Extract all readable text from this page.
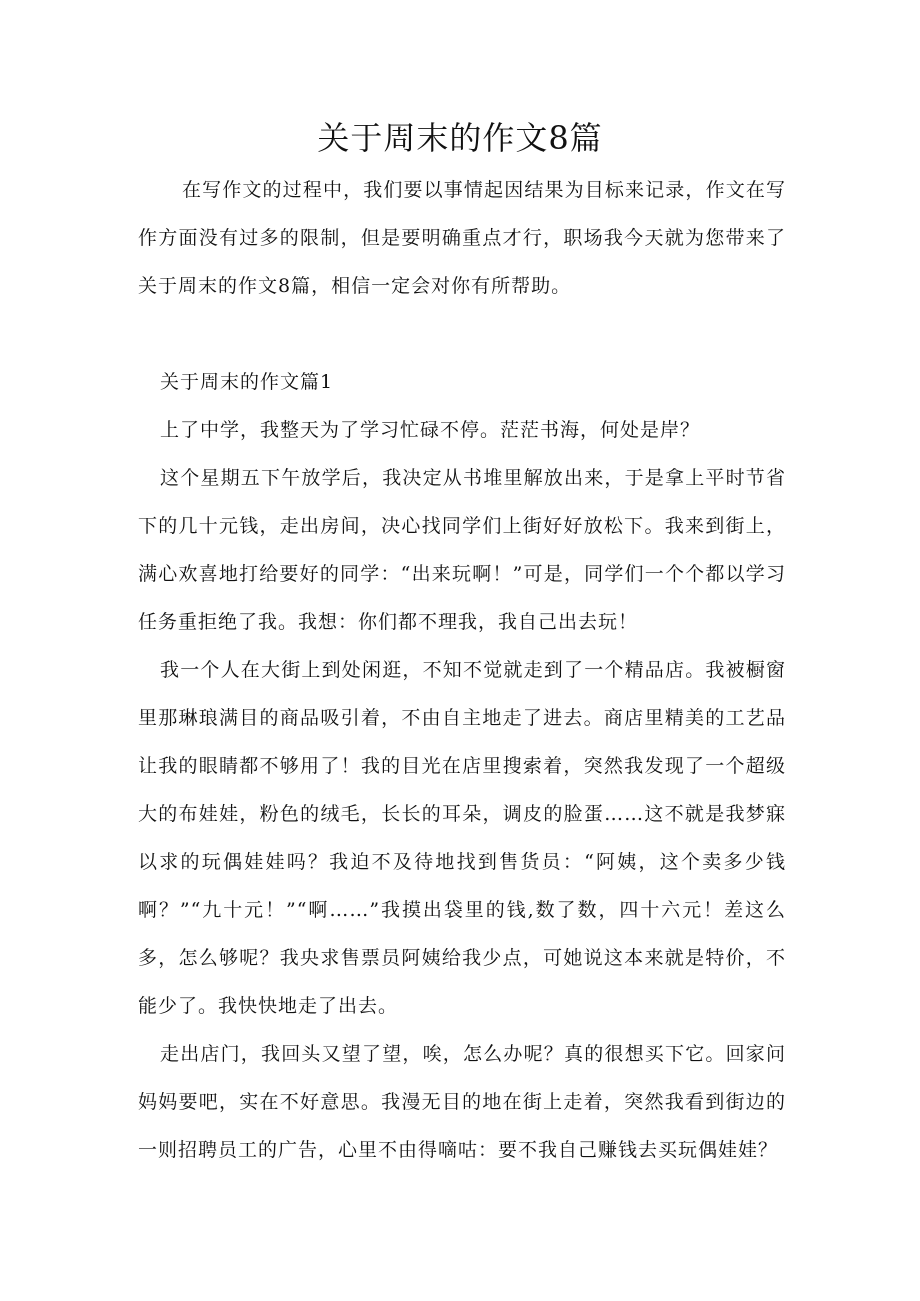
关于周末的作文8篇

在写作文的过程中，我们要以事情起因结果为目标来记录，作文在写作方面没有过多的限制，但是要明确重点才行，职场我今天就为您带来了关于周末的作文8篇，相信一定会对你有所帮助。

关于周末的作文篇1

上了中学，我整天为了学习忙碌不停。茫茫书海，何处是岸？

这个星期五下午放学后，我决定从书堆里解放出来，于是拿上平时节省下的几十元钱，走出房间，决心找同学们上街好好放松下。我来到街上，满心欢喜地打给要好的同学：“出来玩啊！”可是，同学们一个个都以学习任务重拒绝了我。我想：你们都不理我，我自己出去玩！

我一个人在大街上到处闲逛，不知不觉就走到了一个精品店。我被橱窗里那琳琅满目的商品吸引着，不由自主地走了进去。商店里精美的工艺品让我的眼睛都不够用了！我的目光在店里搜索着，突然我发现了一个超级大的布娃娃，粉色的绒毛，长长的耳朵，调皮的脸蛋……这不就是我梦寐以求的玩偶娃娃吗？我迫不及待地找到售货员：“阿姨，这个卖多少钱啊？”“九十元！”“啊……”我摸出袋里的钱,数了数，四十六元！差这么多，怎么够呢？我央求售票员阿姨给我少点，可她说这本来就是特价，不能少了。我快快地走了出去。

走出店门，我回头又望了望，唉，怎么办呢？真的很想买下它。回家问妈妈要吧，实在不好意思。我漫无目的地在街上走着，突然我看到街边的一则招聘员工的广告，心里不由得嘀咕：要不我自己赚钱去买玩偶娃娃？
